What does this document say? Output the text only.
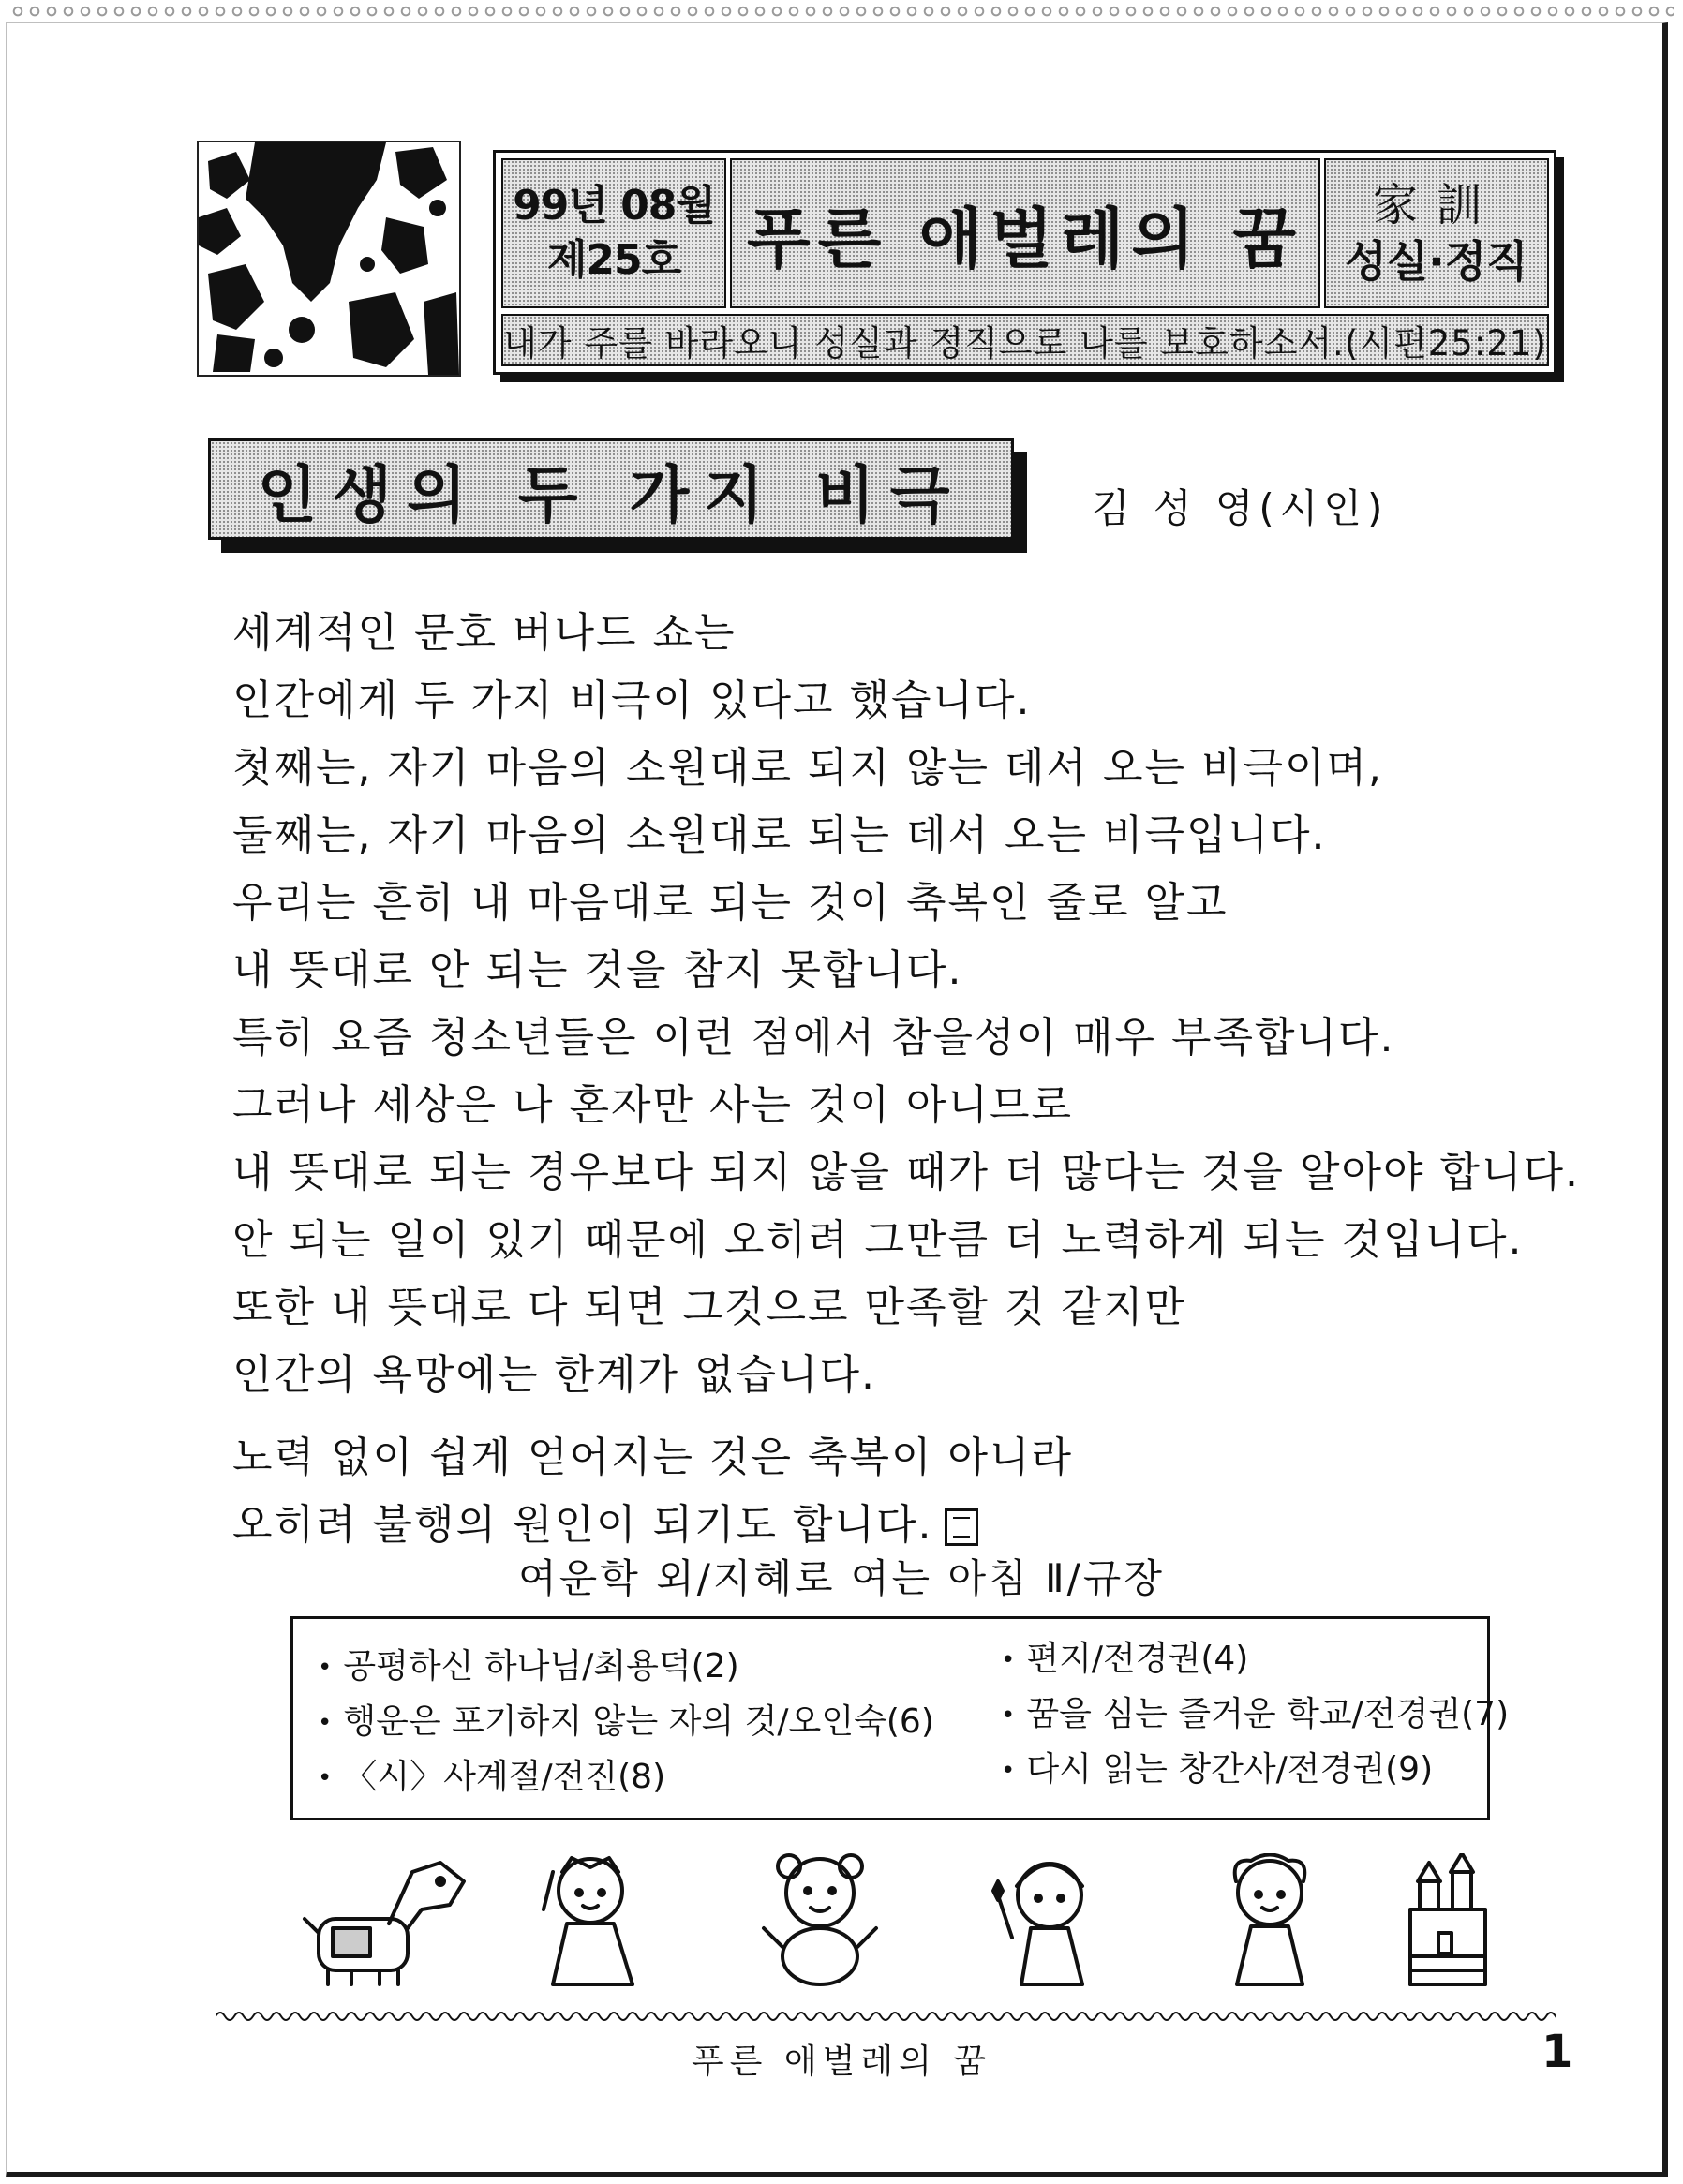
99년 08월
제25호 푸른 애벌레의 꿈	家訓
성실·정직
내가 주를 바라오니 성실과 정직으로 나를 보호하소서.(시편25:21)
인생의 두 가지 비극	김 성 영(시인)
세계적인 문호 버나드 쇼는
인간에게 두 가지 비극이 있다고 했습니다.
첫째는, 자기 마음의 소원대로 되지 않는 데서 오는 비극이며,
둘째는, 자기 마음의 소원대로 되는 데서 오는 비극입니다.
우리는 흔히 내 마음대로 되는 것이 축복인 줄로 알고
내 뜻대로 안 되는 것을 참지 못합니다.
특히 요즘 청소년들은 이런 점에서 참을성이 매우 부족합니다.
그러나 세상은 나 혼자만 사는 것이 아니므로
내 뜻대로 되는 경우보다 되지 않을 때가 더 많다는 것을 알아야 합니다.
안 되는 일이 있기 때문에 오히려 그만큼 더 노력하게 되는 것입니다.
또한 내 뜻대로 다 되면 그것으로 만족할 것 같지만
인간의 욕망에는 한계가 없습니다.
노력 없이 쉽게 얻어지는 것은 축복이 아니라
오히려 불행의 원인이 되기도 합니다.
여운학 외/지혜로 여는 아침 Ⅱ/규장
• 공평하신 하나님/최용덕(2)
• 행운은 포기하지 않는 자의 것/오인숙(6)
• 〈시〉사계절/전진(8)
• 편지/전경권(4)
• 꿈을 심는 즐거운 학교/전경권(7)
• 다시 읽는 창간사/전경권(9)
푸른 애벌레의 꿈	1
